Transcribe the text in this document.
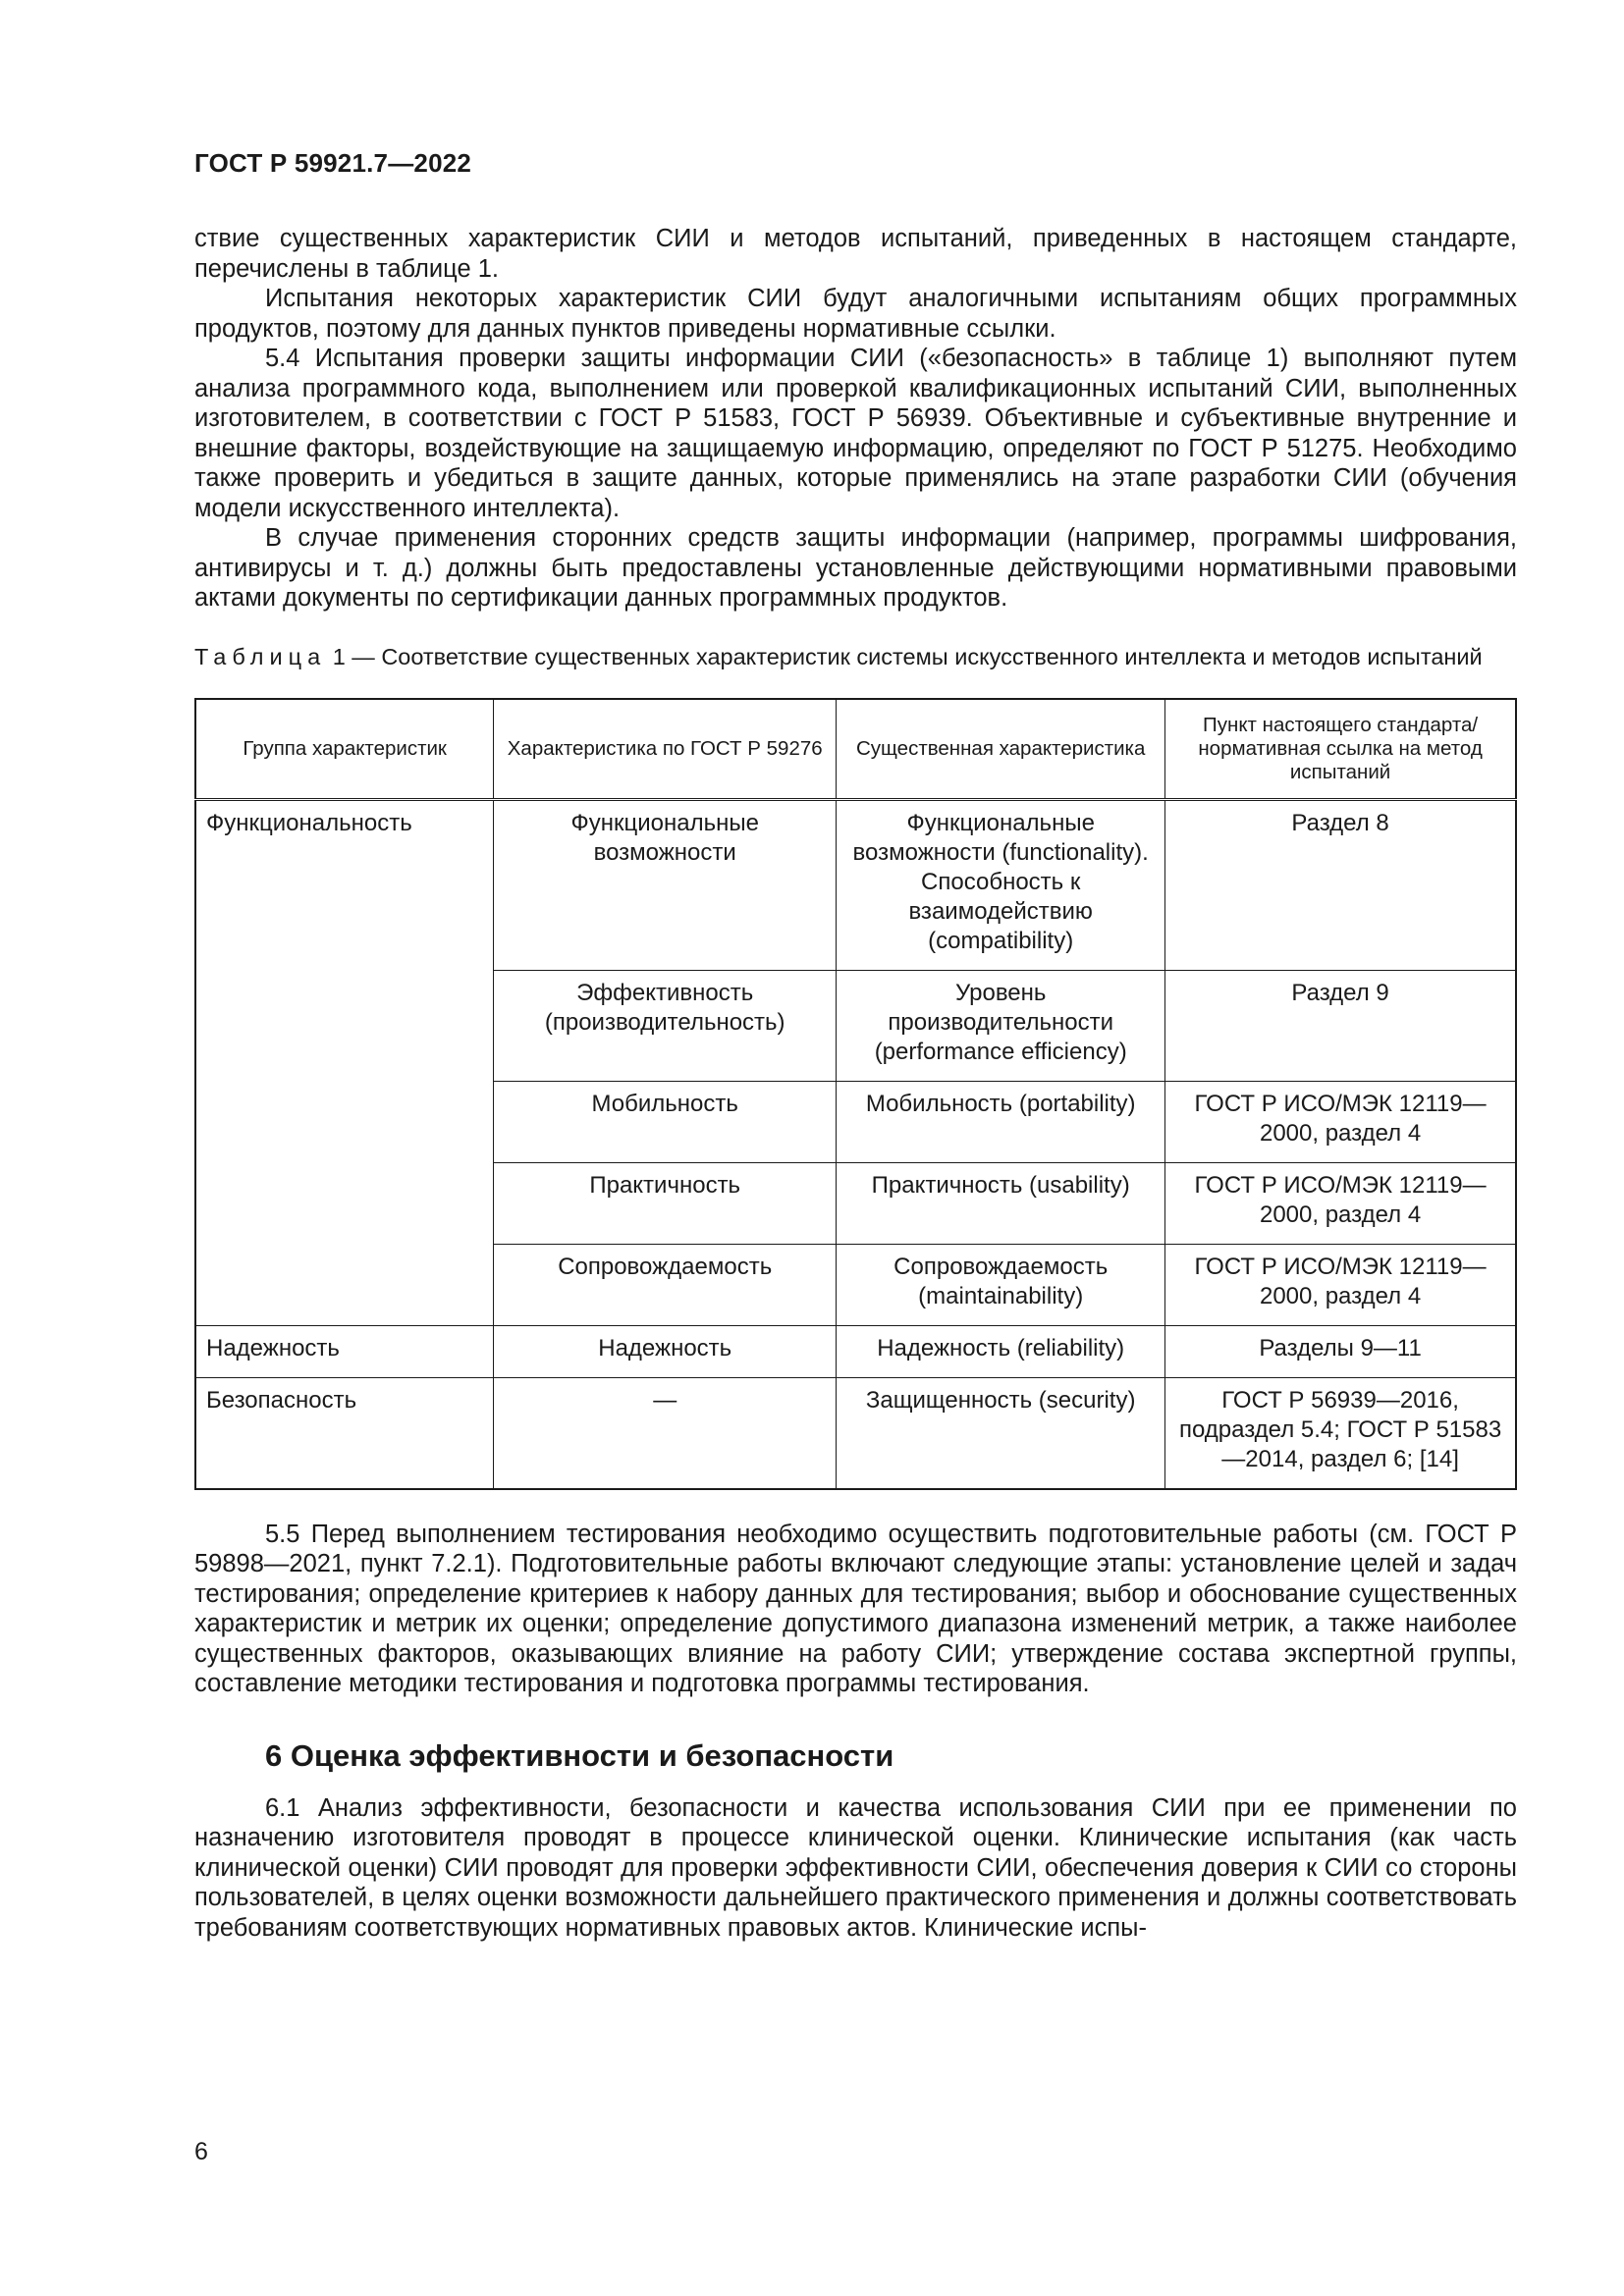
ГОСТ Р 59921.7—2022

ствие существенных характеристик СИИ и методов испытаний, приведенных в настоящем стандарте, перечислены в таблице 1.

Испытания некоторых характеристик СИИ будут аналогичными испытаниям общих программных продуктов, поэтому для данных пунктов приведены нормативные ссылки.

5.4 Испытания проверки защиты информации СИИ («безопасность» в таблице 1) выполняют путем анализа программного кода, выполнением или проверкой квалификационных испытаний СИИ, выполненных изготовителем, в соответствии с ГОСТ Р 51583, ГОСТ Р 56939. Объективные и субъективные внутренние и внешние факторы, воздействующие на защищаемую информацию, определяют по ГОСТ Р 51275. Необходимо также проверить и убедиться в защите данных, которые применялись на этапе разработки СИИ (обучения модели искусственного интеллекта).

В случае применения сторонних средств защиты информации (например, программы шифрования, антивирусы и т. д.) должны быть предоставлены установленные действующими нормативными правовыми актами документы по сертификации данных программных продуктов.

Таблица 1 — Соответствие существенных характеристик системы искусственного интеллекта и методов испытаний
Группа характеристик	Характеристика по ГОСТ Р 59276	Существенная характеристика	Пункт настоящего стандарта/ нормативная ссылка на метод испытаний
Функциональность	Функциональные возможности	Функциональные возможности (functionality). Способность к взаимодействию (compatibility)	Раздел 8
	Эффективность (производительность)	Уровень производительности (performance efficiency)	Раздел 9
	Мобильность	Мобильность (portability)	ГОСТ Р ИСО/МЭК 12119—2000, раздел 4
	Практичность	Практичность (usability)	ГОСТ Р ИСО/МЭК 12119—2000, раздел 4
	Сопровождаемость	Сопровождаемость (maintainability)	ГОСТ Р ИСО/МЭК 12119—2000, раздел 4
Надежность	Надежность	Надежность (reliability)	Разделы 9—11
Безопасность	—	Защищенность (security)	ГОСТ Р 56939—2016, подраздел 5.4; ГОСТ Р 51583—2014, раздел 6; [14]

5.5 Перед выполнением тестирования необходимо осуществить подготовительные работы (см. ГОСТ Р 59898—2021, пункт 7.2.1). Подготовительные работы включают следующие этапы: установление целей и задач тестирования; определение критериев к набору данных для тестирования; выбор и обоснование существенных характеристик и метрик их оценки; определение допустимого диапазона изменений метрик, а также наиболее существенных факторов, оказывающих влияние на работу СИИ; утверждение состава экспертной группы, составление методики тестирования и подготовка программы тестирования.

6 Оценка эффективности и безопасности

6.1 Анализ эффективности, безопасности и качества использования СИИ при ее применении по назначению изготовителя проводят в процессе клинической оценки. Клинические испытания (как часть клинической оценки) СИИ проводят для проверки эффективности СИИ, обеспечения доверия к СИИ со стороны пользователей, в целях оценки возможности дальнейшего практического применения и должны соответствовать требованиям соответствующих нормативных правовых актов. Клинические испы-

6
